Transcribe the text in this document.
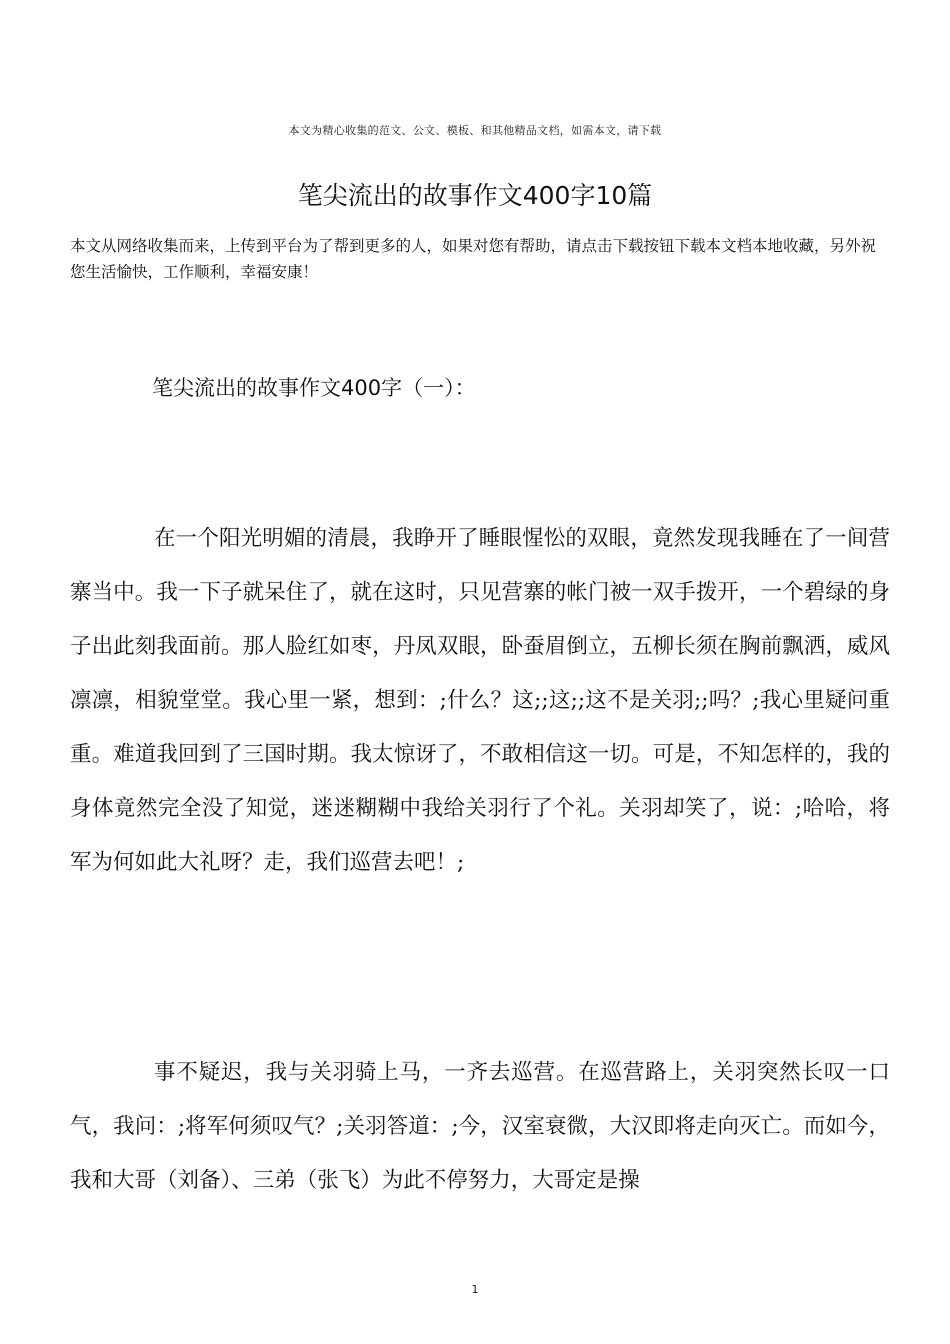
本文为精心收集的范文、公文、模板、和其他精品文档，如需本文，请下载
笔尖流出的故事作文400字10篇
本文从网络收集而来，上传到平台为了帮到更多的人，如果对您有帮助，请点击下载按钮下载本文档本地收藏，另外祝您生活愉快，工作顺利，幸福安康！
笔尖流出的故事作文400字（一）：
在一个阳光明媚的清晨，我睁开了睡眼惺忪的双眼，竟然发现我睡在了一间营寨当中。我一下子就呆住了，就在这时，只见营寨的帐门被一双手拨开，一个碧绿的身子出此刻我面前。那人脸红如枣，丹凤双眼，卧蚕眉倒立，五柳长须在胸前飘洒，威风凛凛，相貌堂堂。我心里一紧，想到：;什么？这;;这;;这不是关羽;;吗？;我心里疑问重重。难道我回到了三国时期。我太惊讶了，不敢相信这一切。可是，不知怎样的，我的身体竟然完全没了知觉，迷迷糊糊中我给关羽行了个礼。关羽却笑了，说：;哈哈，将军为何如此大礼呀？走，我们巡营去吧！;
事不疑迟，我与关羽骑上马，一齐去巡营。在巡营路上，关羽突然长叹一口气，我问：;将军何须叹气？;关羽答道：;今，汉室衰微，大汉即将走向灭亡。而如今，我和大哥（刘备）、三弟（张飞）为此不停努力，大哥定是操
1
